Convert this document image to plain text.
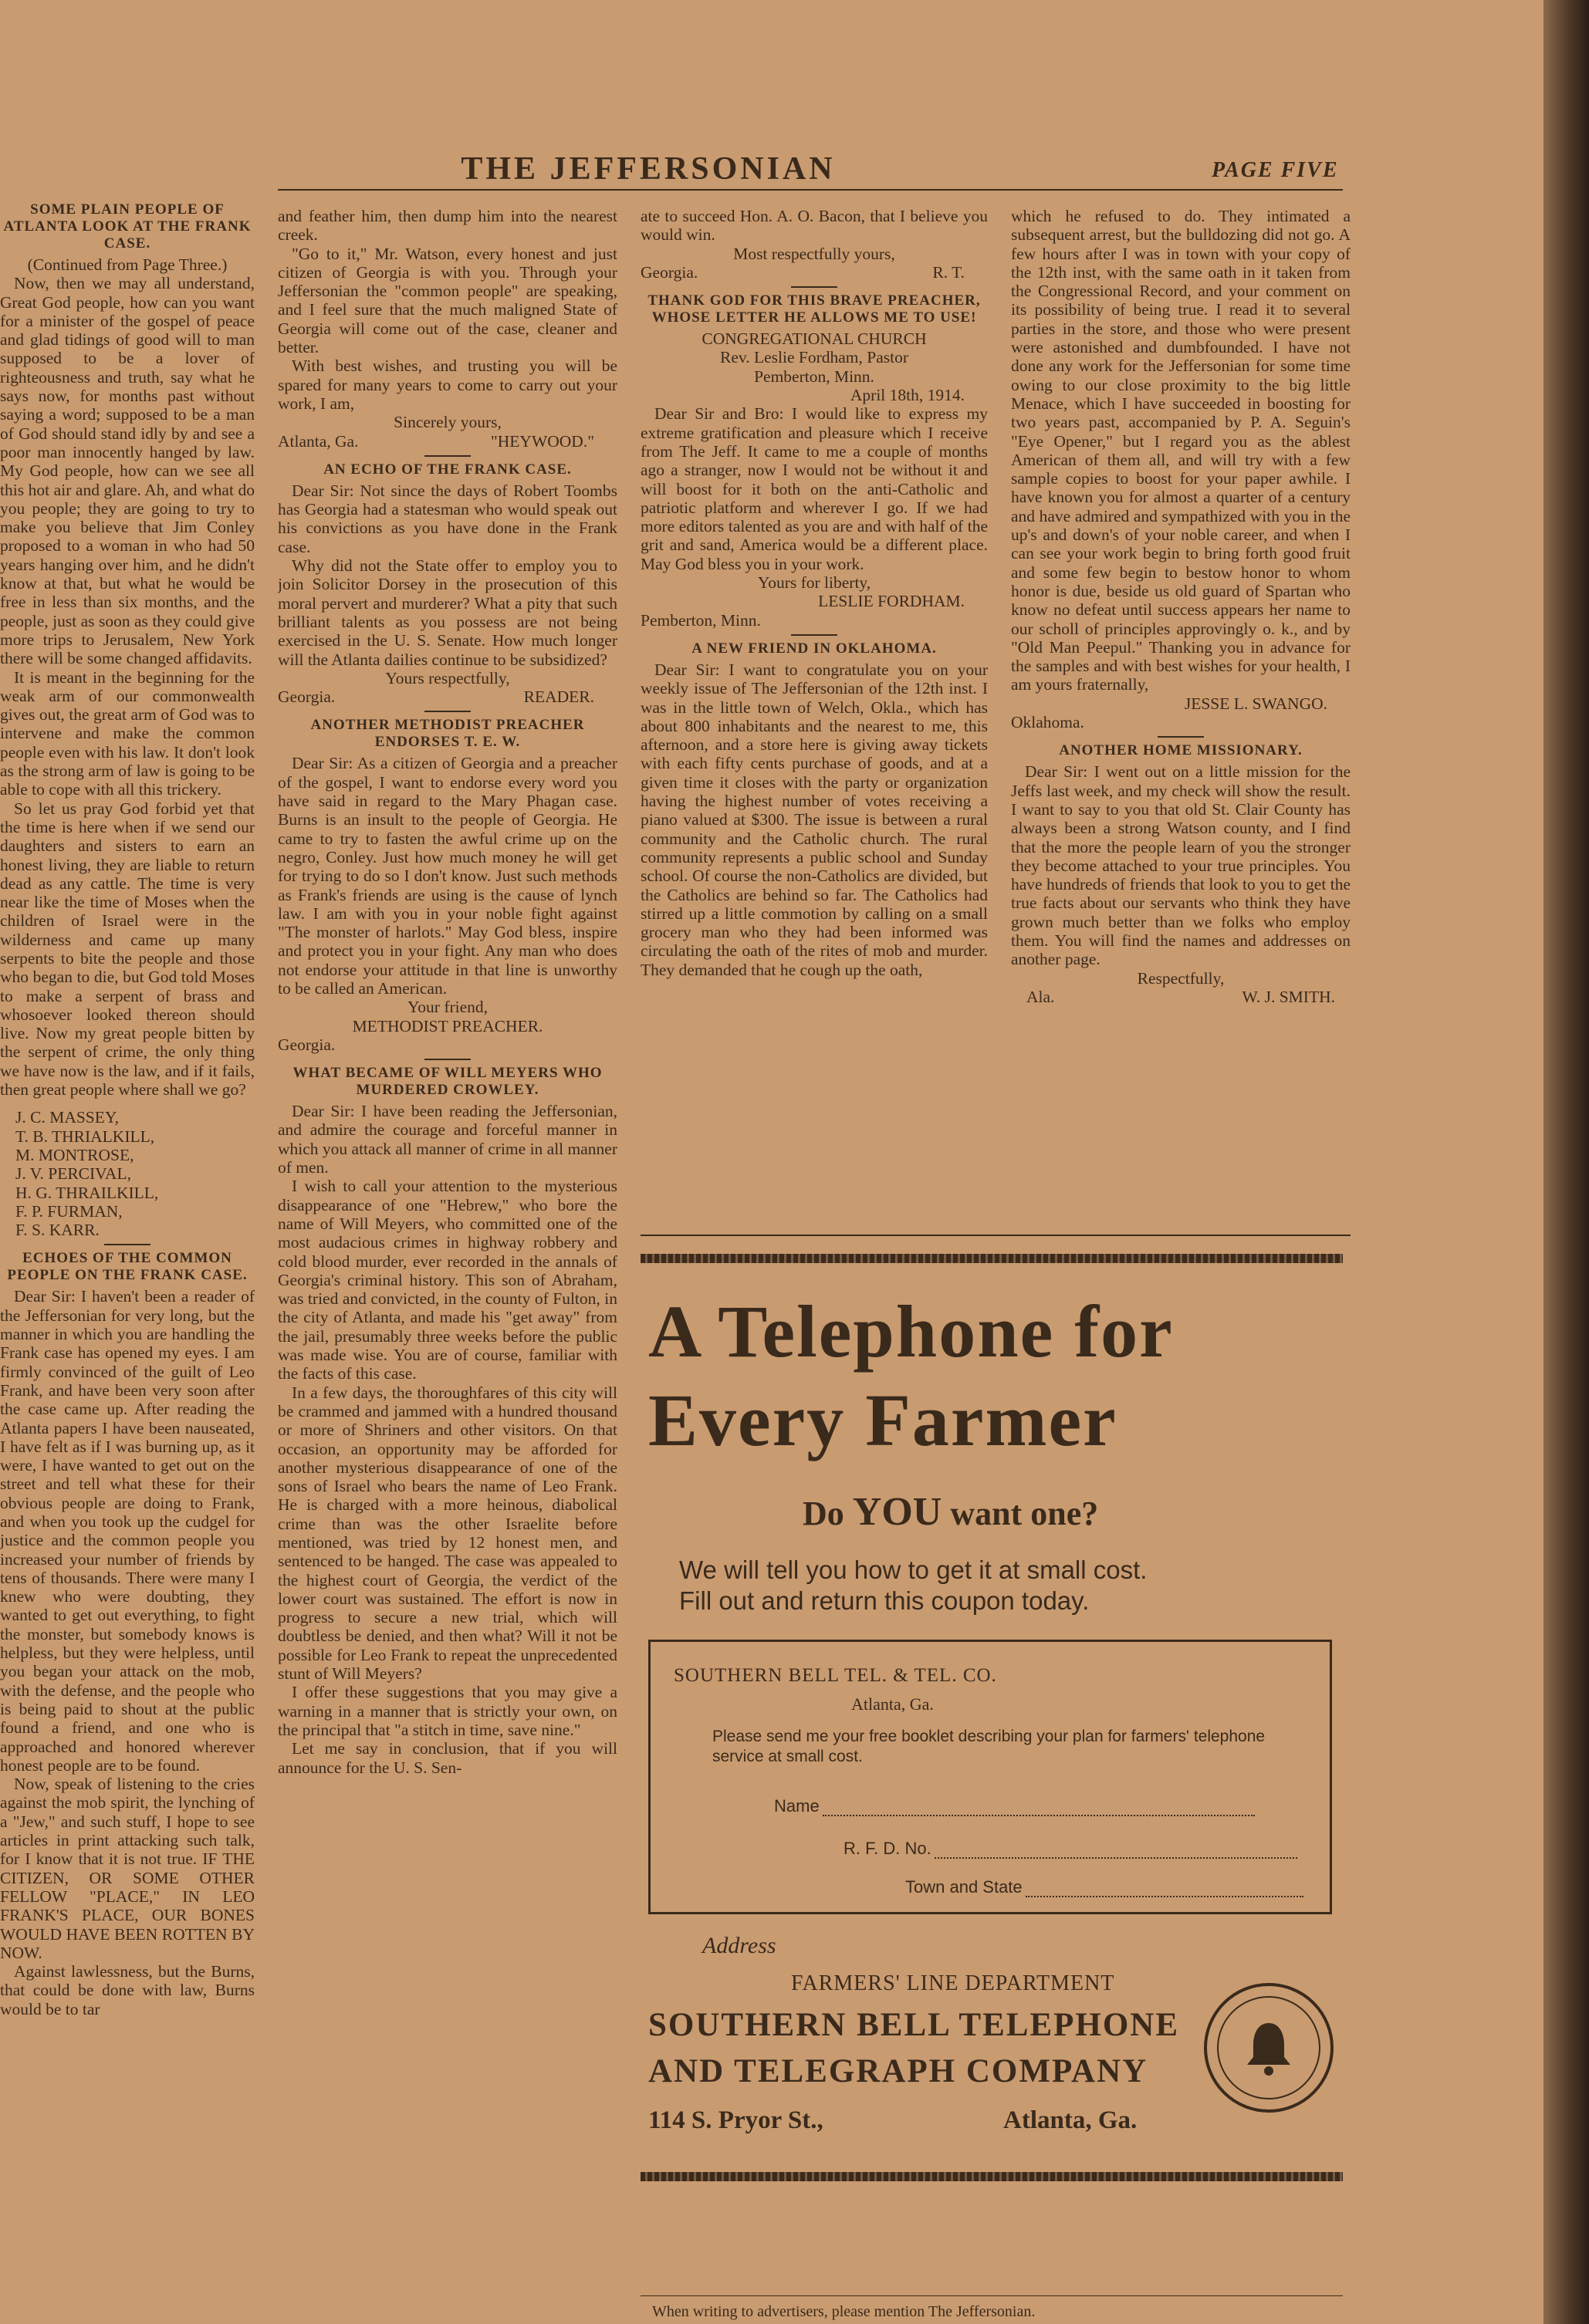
THE JEFFERSONIAN	PAGE FIVE
SOME PLAIN PEOPLE OF ATLANTA LOOK AT THE FRANK CASE.

(Continued from Page Three.)

Now, then we may all understand, Great God people, how can you want for a minister of the gospel of peace and glad tidings of good will to man supposed to be a lover of righteousness and truth, say what he says now, for months past without saying a word; supposed to be a man of God should stand idly by and see a poor man innocently hanged by law. My God people, how can we see all this hot air and glare. Ah, and what do you people; they are going to try to make you believe that Jim Conley proposed to a woman in who had 50 years hanging over him, and he didn't know at that, but what he would be free in less than six months, and the people, just as soon as they could give more trips to Jerusalem, New York there will be some changed affidavits.

It is meant in the beginning for the weak arm of our commonwealth gives out, the great arm of God was to intervene and make the common people even with his law. It don't look as the strong arm of law is going to be able to cope with all this trickery.

So let us pray God forbid yet that the time is here when if we send our daughters and sisters to earn an honest living, they are liable to return dead as any cattle. The time is very near like the time of Moses when the children of Israel were in the wilderness and came up many serpents to bite the people and those who began to die, but God told Moses to make a serpent of brass and whosoever looked thereon should live. Now my great people bitten by the serpent of crime, the only thing we have now is the law, and if it fails, then great people where shall we go?

J. C. MASSEY,

T. B. THRIALKILL,

M. MONTROSE,

J. V. PERCIVAL,

H. G. THRAILKILL,

F. P. FURMAN,

F. S. KARR.

ECHOES OF THE COMMON PEOPLE ON THE FRANK CASE.

Dear Sir: I haven't been a reader of the Jeffersonian for very long, but the manner in which you are handling the Frank case has opened my eyes. I am firmly convinced of the guilt of Leo Frank, and have been very soon after the case came up. After reading the Atlanta papers I have been nauseated, I have felt as if I was burning up, as it were, I have wanted to get out on the street and tell what these for their obvious people are doing to Frank, and when you took up the cudgel for justice and the common people you increased your number of friends by tens of thousands. There were many I knew who were doubting, they wanted to get out everything, to fight the monster, but somebody knows is helpless, but they were helpless, until you began your attack on the mob, with the defense, and the people who is being paid to shout at the public found a friend, and one who is approached and honored wherever honest people are to be found.

Now, speak of listening to the cries against the mob spirit, the lynching of a "Jew," and such stuff, I hope to see articles in print attacking such talk, for I know that it is not true. IF THE CITIZEN, OR SOME OTHER FELLOW "PLACE," IN LEO FRANK'S PLACE, OUR BONES WOULD HAVE BEEN ROTTEN BY NOW.

Against lawlessness, but the Burns, that could be done with law, Burns would be to tar

and feather him, then dump him into the nearest creek.

"Go to it," Mr. Watson, every honest and just citizen of Georgia is with you. Through your Jeffersonian the "common people" are speaking, and I feel sure that the much maligned State of Georgia will come out of the case, cleaner and better.

With best wishes, and trusting you will be spared for many years to come to carry out your work, I am,

Sincerely yours,

Atlanta, Ga.	"HEYWOOD."

AN ECHO OF THE FRANK CASE.

Dear Sir: Not since the days of Robert Toombs has Georgia had a statesman who would speak out his convictions as you have done in the Frank case.

Why did not the State offer to employ you to join Solicitor Dorsey in the prosecution of this moral pervert and murderer? What a pity that such brilliant talents as you possess are not being exercised in the U. S. Senate. How much longer will the Atlanta dailies continue to be subsidized?

Yours respectfully,

Georgia.	READER.

ANOTHER METHODIST PREACHER ENDORSES T. E. W.

Dear Sir: As a citizen of Georgia and a preacher of the gospel, I want to endorse every word you have said in regard to the Mary Phagan case. Burns is an insult to the people of Georgia. He came to try to fasten the awful crime up on the negro, Conley. Just how much money he will get for trying to do so I don't know. Just such methods as Frank's friends are using is the cause of lynch law. I am with you in your noble fight against "The monster of harlots." May God bless, inspire and protect you in your fight. Any man who does not endorse your attitude in that line is unworthy to be called an American.

Your friend,

METHODIST PREACHER.

Georgia.

WHAT BECAME OF WILL MEYERS WHO MURDERED CROWLEY.

Dear Sir: I have been reading the Jeffersonian, and admire the courage and forceful manner in which you attack all manner of crime in all manner of men.

I wish to call your attention to the mysterious disappearance of one "Hebrew," who bore the name of Will Meyers, who committed one of the most audacious crimes in highway robbery and cold blood murder, ever recorded in the annals of Georgia's criminal history. This son of Abraham, was tried and convicted, in the county of Fulton, in the city of Atlanta, and made his "get away" from the jail, presumably three weeks before the public was made wise. You are of course, familiar with the facts of this case.

In a few days, the thoroughfares of this city will be crammed and jammed with a hundred thousand or more of Shriners and other visitors. On that occasion, an opportunity may be afforded for another mysterious disappearance of one of the sons of Israel who bears the name of Leo Frank. He is charged with a more heinous, diabolical crime than was the other Israelite before mentioned, was tried by 12 honest men, and sentenced to be hanged. The case was appealed to the highest court of Georgia, the verdict of the lower court was sustained. The effort is now in progress to secure a new trial, which will doubtless be denied, and then what? Will it not be possible for Leo Frank to repeat the unprecedented stunt of Will Meyers?

I offer these suggestions that you may give a warning in a manner that is strictly your own, on the principal that "a stitch in time, save nine."

Let me say in conclusion, that if you will announce for the U. S. Sen-

ate to succeed Hon. A. O. Bacon, that I believe you would win.

Most respectfully yours,

Georgia.	R. T.

THANK GOD FOR THIS BRAVE PREACHER, WHOSE LETTER HE ALLOWS ME TO USE!

CONGREGATIONAL CHURCH

Rev. Leslie Fordham, Pastor

Pemberton, Minn.

April 18th, 1914.

Dear Sir and Bro: I would like to express my extreme gratification and pleasure which I receive from The Jeff. It came to me a couple of months ago a stranger, now I would not be without it and will boost for it both on the anti-Catholic and patriotic platform and wherever I go. If we had more editors talented as you are and with half of the grit and sand, America would be a different place. May God bless you in your work.

Yours for liberty,

LESLIE FORDHAM.

Pemberton, Minn.

A NEW FRIEND IN OKLAHOMA.

Dear Sir: I want to congratulate you on your weekly issue of The Jeffersonian of the 12th inst. I was in the little town of Welch, Okla., which has about 800 inhabitants and the nearest to me, this afternoon, and a store here is giving away tickets with each fifty cents purchase of goods, and at a given time it closes with the party or organization having the highest number of votes receiving a piano valued at $300. The issue is between a rural community and the Catholic church. The rural community represents a public school and Sunday school. Of course the non-Catholics are divided, but the Catholics are behind so far. The Catholics had stirred up a little commotion by calling on a small grocery man who they had been informed was circulating the oath of the rites of mob and murder. They demanded that he cough up the oath,

which he refused to do. They intimated a subsequent arrest, but the bulldozing did not go. A few hours after I was in town with your copy of the 12th inst, with the same oath in it taken from the Congressional Record, and your comment on its possibility of being true. I read it to several parties in the store, and those who were present were astonished and dumbfounded. I have not done any work for the Jeffersonian for some time owing to our close proximity to the big little Menace, which I have succeeded in boosting for two years past, accompanied by P. A. Seguin's "Eye Opener," but I regard you as the ablest American of them all, and will try with a few sample copies to boost for your paper awhile. I have known you for almost a quarter of a century and have admired and sympathized with you in the up's and down's of your noble career, and when I can see your work begin to bring forth good fruit and some few begin to bestow honor to whom honor is due, beside us old guard of Spartan who know no defeat until success appears her name to our scholl of principles approvingly o. k., and by "Old Man Peepul." Thanking you in advance for the samples and with best wishes for your health, I am yours fraternally,

JESSE L. SWANGO.

Oklahoma.

ANOTHER HOME MISSIONARY.

Dear Sir: I went out on a little mission for the Jeffs last week, and my check will show the result. I want to say to you that old St. Clair County has always been a strong Watson county, and I find that the more the people learn of you the stronger they become attached to your true principles. You have hundreds of friends that look to you to get the true facts about our servants who think they have grown much better than we folks who employ them. You will find the names and addresses on another page.

Respectfully,

Ala.	W. J. SMITH.

A Telephone for
Every Farmer
Do YOU want one?
We will tell you how to get it at small cost.
Fill out and return this coupon today.
SOUTHERN BELL TEL. & TEL. CO.
Atlanta, Ga.
Please send me your free booklet describing your plan for farmers' telephone service at small cost.
Name
R. F. D. No.
Town and State
Address
FARMERS' LINE DEPARTMENT
SOUTHERN BELL TELEPHONE
AND TELEGRAPH COMPANY
114 S. Pryor St.,	Atlanta, Ga.
When writing to advertisers, please mention The Jeffersonian.
